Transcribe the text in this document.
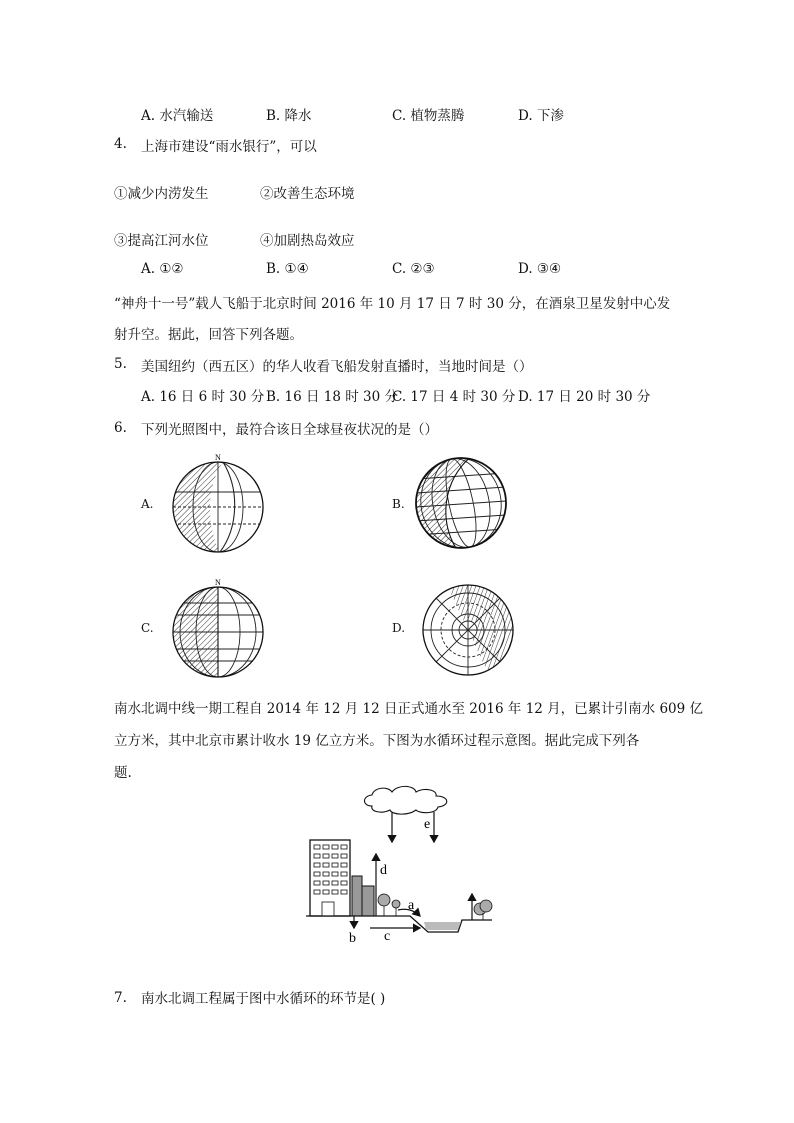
A. 水汽输送	B. 降水	C. 植物蒸腾	D. 下渗
4. 上海市建设“雨水银行”，可以
①减少内涝发生	②改善生态环境
③提高江河水位	④加剧热岛效应
A. ①②	B. ①④	C. ②③	D. ③④
“神舟十一号”载人飞船于北京时间 2016 年 10 月 17 日 7 时 30 分，在酒泉卫星发射中心发
射升空。据此，回答下列各题。
5. 美国纽约（西五区）的华人收看飞船发射直播时，当地时间是（）
A. 16 日 6 时 30 分 B. 16 日 18 时 30 分
C. 17 日 4 时 30 分 D. 17 日 20 时 30 分
6. 下列光照图中，最符合该日全球昼夜状况的是（）
A.	B.
C.	D.
N
N
南水北调中线一期工程自 2014 年 12 月 12 日正式通水至 2016 年 12 月，已累计引南水 609 亿
立方米，其中北京市累计收水 19 亿立方米。下图为水循环过程示意图。据此完成下列各
题.
d
e
a
b c
7. 南水北调工程属于图中水循环的环节是( )
